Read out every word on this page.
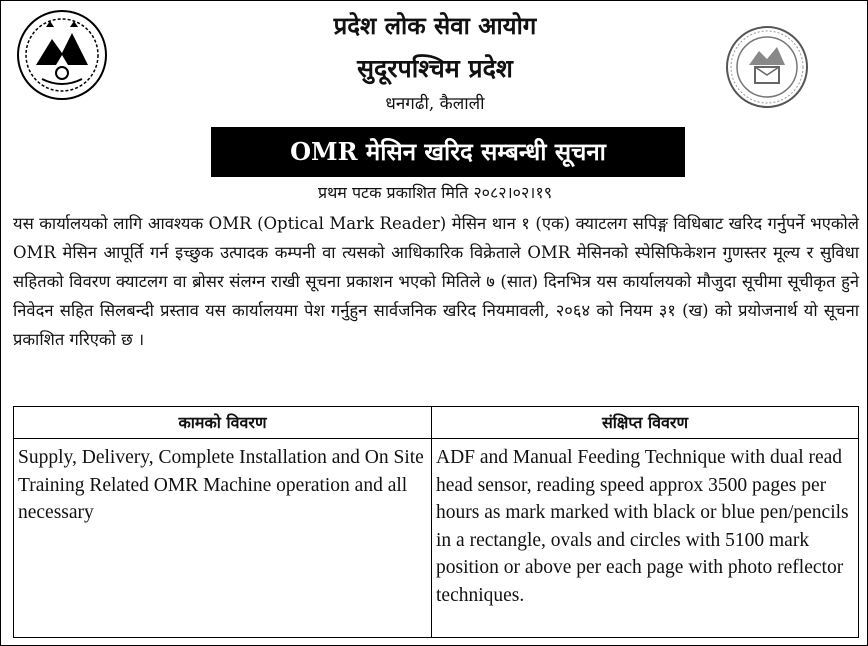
प्रदेश लोक सेवा आयोग
सुदूरपश्चिम प्रदेश
धनगढी, कैलाली
OMR मेसिन खरिद सम्बन्धी सूचना
प्रथम पटक प्रकाशित मिति २०८२।०२।१९
यस कार्यालयको लागि आवश्यक OMR (Optical Mark Reader) मेसिन थान १ (एक) क्याटलग सपिङ्ग विधिबाट खरिद गर्नुपर्ने भएकोले OMR मेसिन आपूर्ति गर्न इच्छुक उत्पादक कम्पनी वा त्यसको आधिकारिक विक्रेताले OMR मेसिनको स्पेसिफिकेशन गुणस्तर मूल्य र सुविधा सहितको विवरण क्याटलग वा ब्रोसर संलग्न राखी सूचना प्रकाशन भएको मितिले ७ (सात) दिनभित्र यस कार्यालयको मौजुदा सूचीमा सूचीकृत हुने निवेदन सहित सिलबन्दी प्रस्ताव यस कार्यालयमा पेश गर्नुहुन सार्वजनिक खरिद नियमावली, २०६४ को नियम ३१ (ख) को प्रयोजनार्थ यो सूचना प्रकाशित गरिएको छ ।
कामको विवरण	संक्षिप्त विवरण
Supply, Delivery, Complete Installation and On Site Training Related OMR Machine operation and all necessary
ADF and Manual Feeding Technique with dual read head sensor, reading speed approx 3500 pages per hours as mark marked with black or blue pen/pencils in a rectangle, ovals and circles with 5100 mark position or above per each page with photo reflector techniques.
